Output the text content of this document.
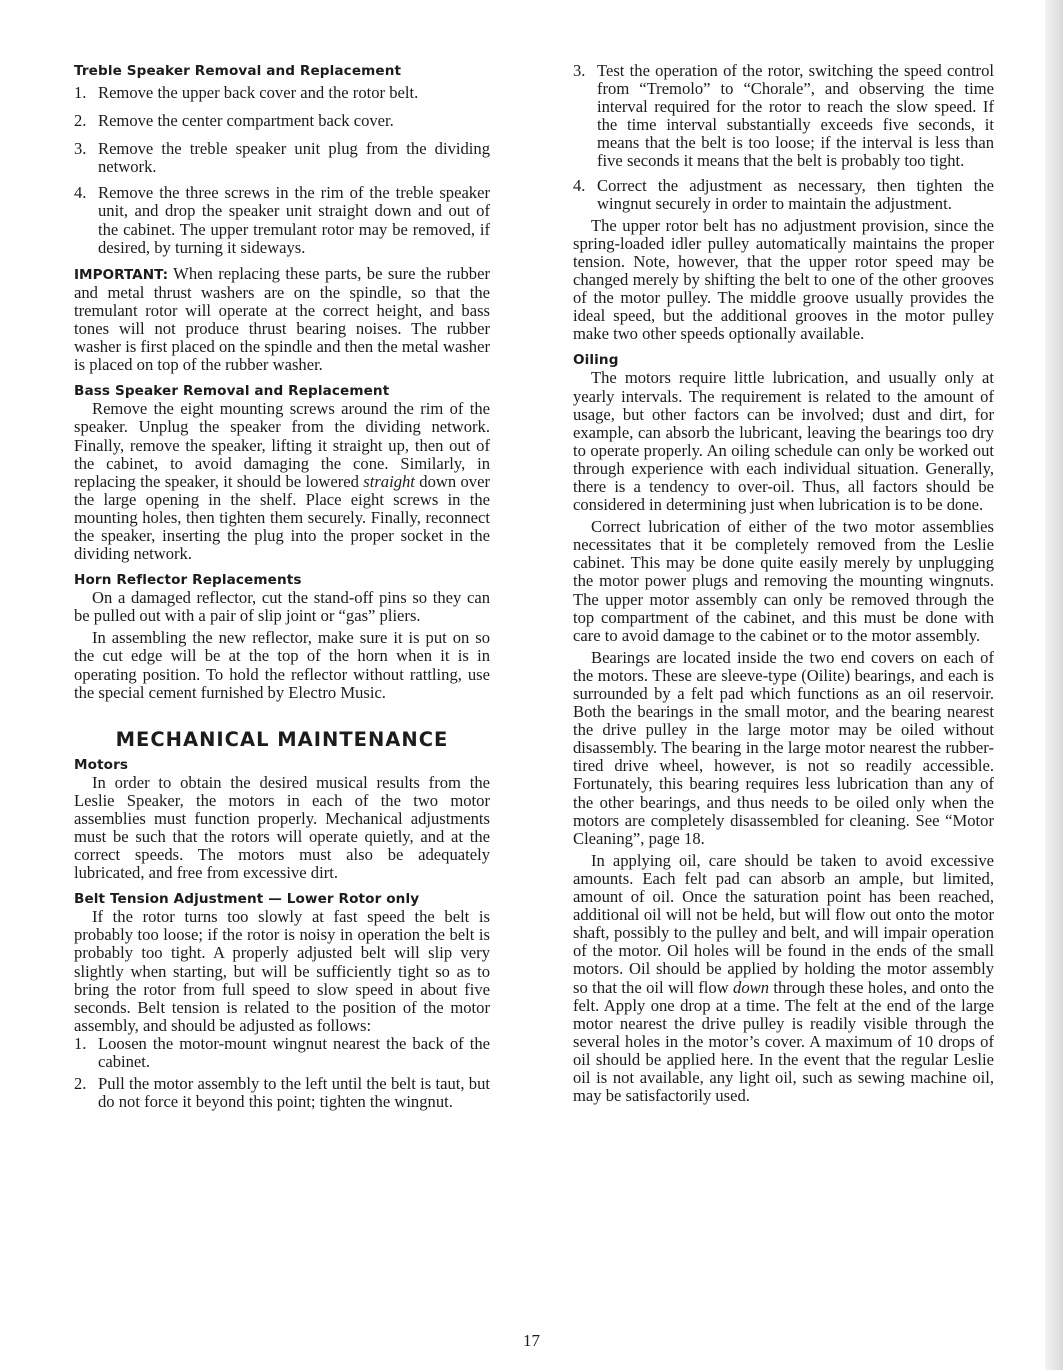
Treble Speaker Removal and Replacement
1. Remove the upper back cover and the rotor belt.
2. Remove the center compartment back cover.
3. Remove the treble speaker unit plug from the dividing network.
4. Remove the three screws in the rim of the treble speaker unit, and drop the speaker unit straight down and out of the cabinet. The upper tremulant rotor may be removed, if desired, by turning it sideways.

IMPORTANT: When replacing these parts, be sure the rubber and metal thrust washers are on the spindle, so that the tremulant rotor will operate at the correct height, and bass tones will not produce thrust bearing noises. The rubber washer is first placed on the spindle and then the metal washer is placed on top of the rubber washer.

Bass Speaker Removal and Replacement

Remove the eight mounting screws around the rim of the speaker. Unplug the speaker from the dividing network. Finally, remove the speaker, lifting it straight up, then out of the cabinet, to avoid damaging the cone. Similarly, in replacing the speaker, it should be lowered straight down over the large opening in the shelf. Place eight screws in the mounting holes, then tighten them securely. Finally, reconnect the speaker, inserting the plug into the proper socket in the dividing network.

Horn Reflector Replacements

On a damaged reflector, cut the stand-off pins so they can be pulled out with a pair of slip joint or “gas” pliers.

In assembling the new reflector, make sure it is put on so the cut edge will be at the top of the horn when it is in operating position. To hold the reflector without rattling, use the special cement furnished by Electro Music.

MECHANICAL MAINTENANCE
Motors

In order to obtain the desired musical results from the Leslie Speaker, the motors in each of the two motor assemblies must function properly. Mechanical adjustments must be such that the rotors will operate quietly, and at the correct speeds. The motors must also be adequately lubricated, and free from excessive dirt.

Belt Tension Adjustment — Lower Rotor only

If the rotor turns too slowly at fast speed the belt is probably too loose; if the rotor is noisy in operation the belt is probably too tight. A properly adjusted belt will slip very slightly when starting, but will be sufficiently tight so as to bring the rotor from full speed to slow speed in about five seconds. Belt tension is related to the position of the motor assembly, and should be adjusted as follows:

1. Loosen the motor-mount wingnut nearest the back of the cabinet.
2. Pull the motor assembly to the left until the belt is taut, but do not force it beyond this point; tighten the wingnut.
3. Test the operation of the rotor, switching the speed control from “Tremolo” to “Chorale”, and observing the time interval required for the rotor to reach the slow speed. If the time interval substantially exceeds five seconds, it means that the belt is too loose; if the interval is less than five seconds it means that the belt is probably too tight.
4. Correct the adjustment as necessary, then tighten the wingnut securely in order to maintain the adjustment.

The upper rotor belt has no adjustment provision, since the spring-loaded idler pulley automatically maintains the proper tension. Note, however, that the upper rotor speed may be changed merely by shifting the belt to one of the other grooves of the motor pulley. The middle groove usually provides the ideal speed, but the additional grooves in the motor pulley make two other speeds optionally available.

Oiling

The motors require little lubrication, and usually only at yearly intervals. The requirement is related to the amount of usage, but other factors can be involved; dust and dirt, for example, can absorb the lubricant, leaving the bearings too dry to operate properly. An oiling schedule can only be worked out through experience with each individual situation. Generally, there is a tendency to over-oil. Thus, all factors should be considered in determining just when lubrication is to be done.

Correct lubrication of either of the two motor assemblies necessitates that it be completely removed from the Leslie cabinet. This may be done quite easily merely by unplugging the motor power plugs and removing the mounting wingnuts. The upper motor assembly can only be removed through the top compartment of the cabinet, and this must be done with care to avoid damage to the cabinet or to the motor assembly.

Bearings are located inside the two end covers on each of the motors. These are sleeve-type (Oilite) bearings, and each is surrounded by a felt pad which functions as an oil reservoir. Both the bearings in the small motor, and the bearing nearest the drive pulley in the large motor may be oiled without disassembly. The bearing in the large motor nearest the rubber-tired drive wheel, however, is not so readily accessible. Fortunately, this bearing requires less lubrication than any of the other bearings, and thus needs to be oiled only when the motors are completely disassembled for cleaning. See “Motor Cleaning”, page 18.

In applying oil, care should be taken to avoid excessive amounts. Each felt pad can absorb an ample, but limited, amount of oil. Once the saturation point has been reached, additional oil will not be held, but will flow out onto the motor shaft, possibly to the pulley and belt, and will impair operation of the motor. Oil holes will be found in the ends of the small motors. Oil should be applied by holding the motor assembly so that the oil will flow down through these holes, and onto the felt. Apply one drop at a time. The felt at the end of the large motor nearest the drive pulley is readily visible through the several holes in the motor’s cover. A maximum of 10 drops of oil should be applied here. In the event that the regular Leslie oil is not available, any light oil, such as sewing machine oil, may be satisfactorily used.

17
